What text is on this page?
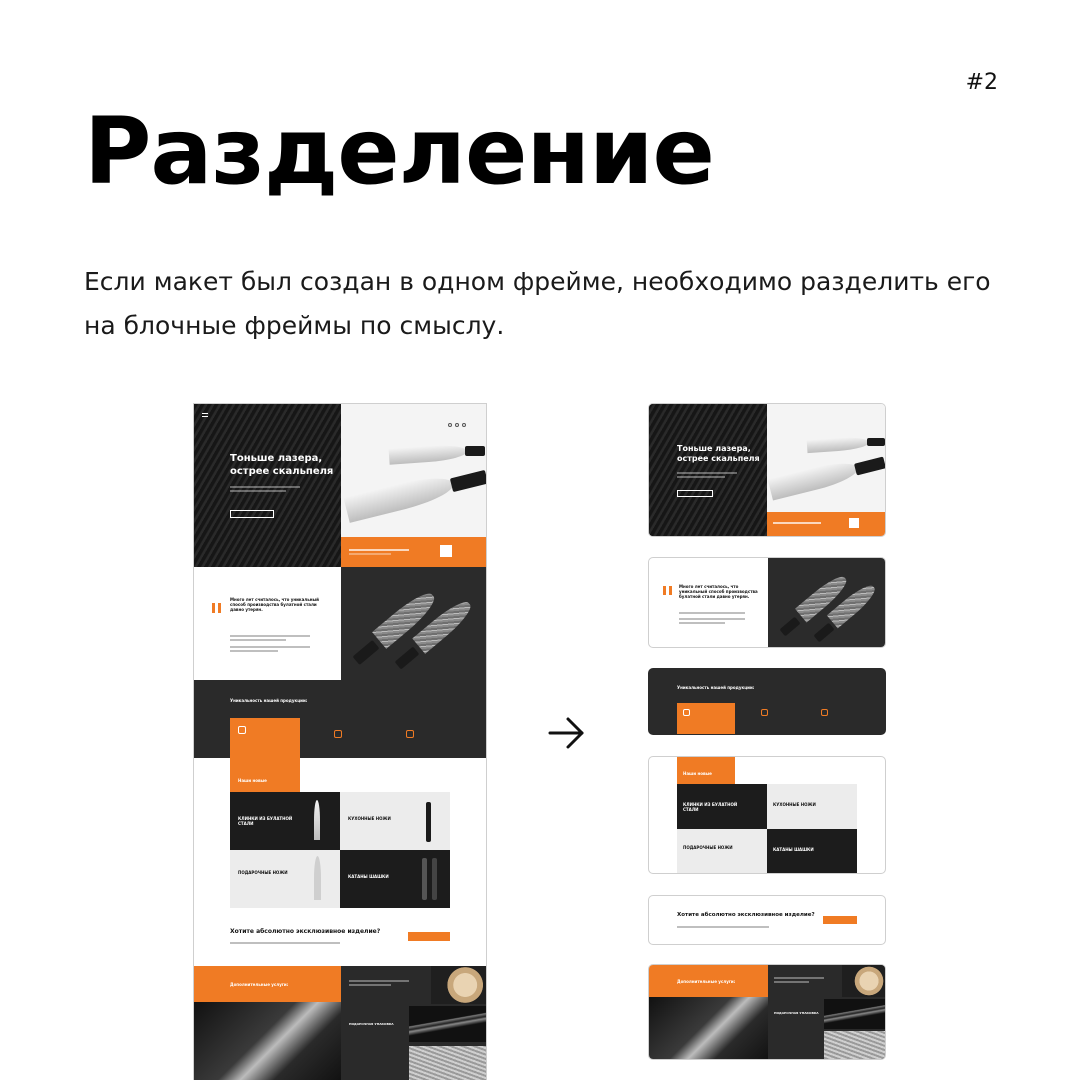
#2
Разделение
Если макет был создан в одном фрейме, необходимо разделить его на блочные фреймы по смыслу.
Тоньше лазера, острее скальпеля
Много лет считалось, что уникальный способ производства булатной стали давно утерян.
Уникальность нашей продукции:
Наши новые
КЛИНКИ ИЗ БУЛАТНОЙ СТАЛИ
КУХОННЫЕ НОЖИ
ПОДАРОЧНЫЕ НОЖИ
КАТАНЫ ШАШКИ
Хотите абсолютно эксклюзивное изделие?
Дополнительные услуги:
ПОДАРОЧНАЯ УПАКОВКА
Тоньше лазера, острее скальпеля
Много лет считалось, что уникальный способ производства булатной стали давно утерян.
Уникальность нашей продукции:
Наши новые
КЛИНКИ ИЗ БУЛАТНОЙ СТАЛИ
КУХОННЫЕ НОЖИ
ПОДАРОЧНЫЕ НОЖИ	КАТАНЫ ШАШКИ
Хотите абсолютно эксклюзивное изделие?
Дополнительные услуги:
ПОДАРОЧНАЯ УПАКОВКА
